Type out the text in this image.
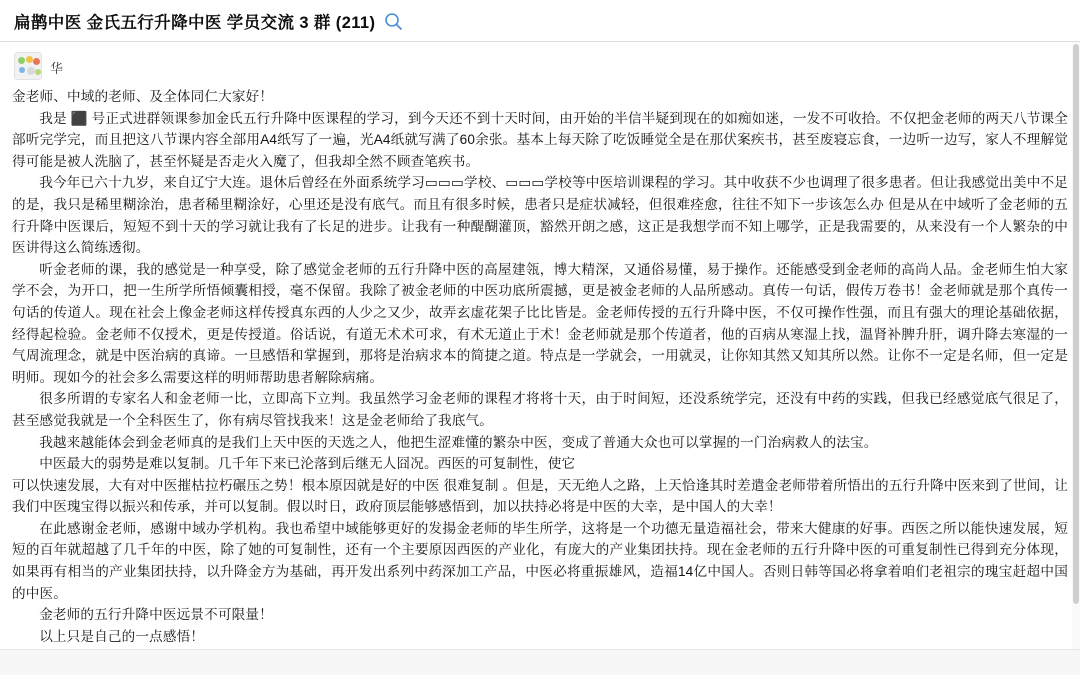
扁鹊中医 金氏五行升降中医 学员交流 3 群 (211)
华

金老师、中域的老师、及全体同仁大家好！

我是 ⬛ 号正式进群领课参加金氏五行升降中医课程的学习，到今天还不到十天时间，由开始的半信半疑到现在的如痴如迷，一发不可收拾。不仅把金老师的两天八节课全部听完学完，而且把这八节课内容全部用A4纸写了一遍，光A4纸就写满了60余张。基本上每天除了吃饭睡觉全是在那伏案疾书，甚至废寝忘食，一边听一边写，家人不理解觉得可能是被人洗脑了，甚至怀疑是否走火入魔了，但我却全然不顾查笔疾书。

我今年已六十九岁，来自辽宁大连。退休后曾经在外面系统学习▭▭▭学校、▭▭▭学校等中医培训课程的学习。其中收获不少也调理了很多患者。但让我感觉出美中不足的是，我只是稀里糊涂治，患者稀里糊涂好，心里还是没有底气。而且有很多时候，患者只是症状减轻，但很难痊愈，往往不知下一步该怎么办 但是从在中域听了金老师的五行升降中医课后，短短不到十天的学习就让我有了长足的进步。让我有一种醍醐灌顶，豁然开朗之感，这正是我想学而不知上哪学，正是我需要的，从来没有一个人繁杂的中医讲得这么简练透彻。

听金老师的课，我的感觉是一种享受，除了感觉金老师的五行升降中医的高屋建瓴，博大精深，又通俗易懂，易于操作。还能感受到金老师的高尚人品。金老师生怕大家学不会，为开口，把一生所学所悟倾囊相授，毫不保留。我除了被金老师的中医功底所震撼，更是被金老师的人品所感动。真传一句话，假传万卷书！金老师就是那个真传一句话的传道人。现在社会上像金老师这样传授真东西的人少之又少，故弄玄虚花架子比比皆是。金老师传授的五行升降中医，不仅可操作性强，而且有强大的理论基础依据，经得起检验。金老师不仅授术，更是传授道。俗话说，有道无术术可求，有术无道止于术！金老师就是那个传道者，他的百病从寒湿上找，温肾补脾升肝，调升降去寒湿的一气周流理念，就是中医治病的真谛。一旦感悟和掌握到，那将是治病求本的简捷之道。特点是一学就会，一用就灵，让你知其然又知其所以然。让你不一定是名师，但一定是明师。现如今的社会多么需要这样的明师帮助患者解除病痛。

很多所谓的专家名人和金老师一比，立即高下立判。我虽然学习金老师的课程才将将十天，由于时间短，还没系统学完，还没有中药的实践，但我已经感觉底气很足了，甚至感觉我就是一个全科医生了，你有病尽管找我来！这是金老师给了我底气。

我越来越能体会到金老师真的是我们上天中医的天选之人，他把生涩难懂的繁杂中医，变成了普通大众也可以掌握的一门治病救人的法宝。

中医最大的弱势是难以复制。几千年下来已沦落到后继无人囧况。西医的可复制性，使它

可以快速发展，大有对中医摧枯拉朽碾压之势！根本原因就是好的中医 很难复制 。但是，天无绝人之路，上天恰逢其时差遣金老师带着所悟出的五行升降中医来到了世间，让我们中医瑰宝得以振兴和传承，并可以复制。假以时日，政府顶层能够感悟到，加以扶持必将是中医的大幸，是中国人的大幸！

在此感谢金老师，感谢中域办学机构。我也希望中域能够更好的发揚金老师的毕生所学，这将是一个功德无量造福社会，带来大健康的好事。西医之所以能快速发展，短短的百年就超越了几千年的中医，除了她的可复制性，还有一个主要原因西医的产业化，有庞大的产业集团扶持。现在金老师的五行升降中医的可重复制性已得到充分体现，如果再有相当的产业集团扶持，以升降金方为基础，再开发出系列中药深加工产品，中医必将重振雄风，造福14亿中国人。否则日韩等国必将拿着咱们老祖宗的瑰宝赶超中国的中医。

金老师的五行升降中医远景不可限量！

以上只是自己的一点感悟！
